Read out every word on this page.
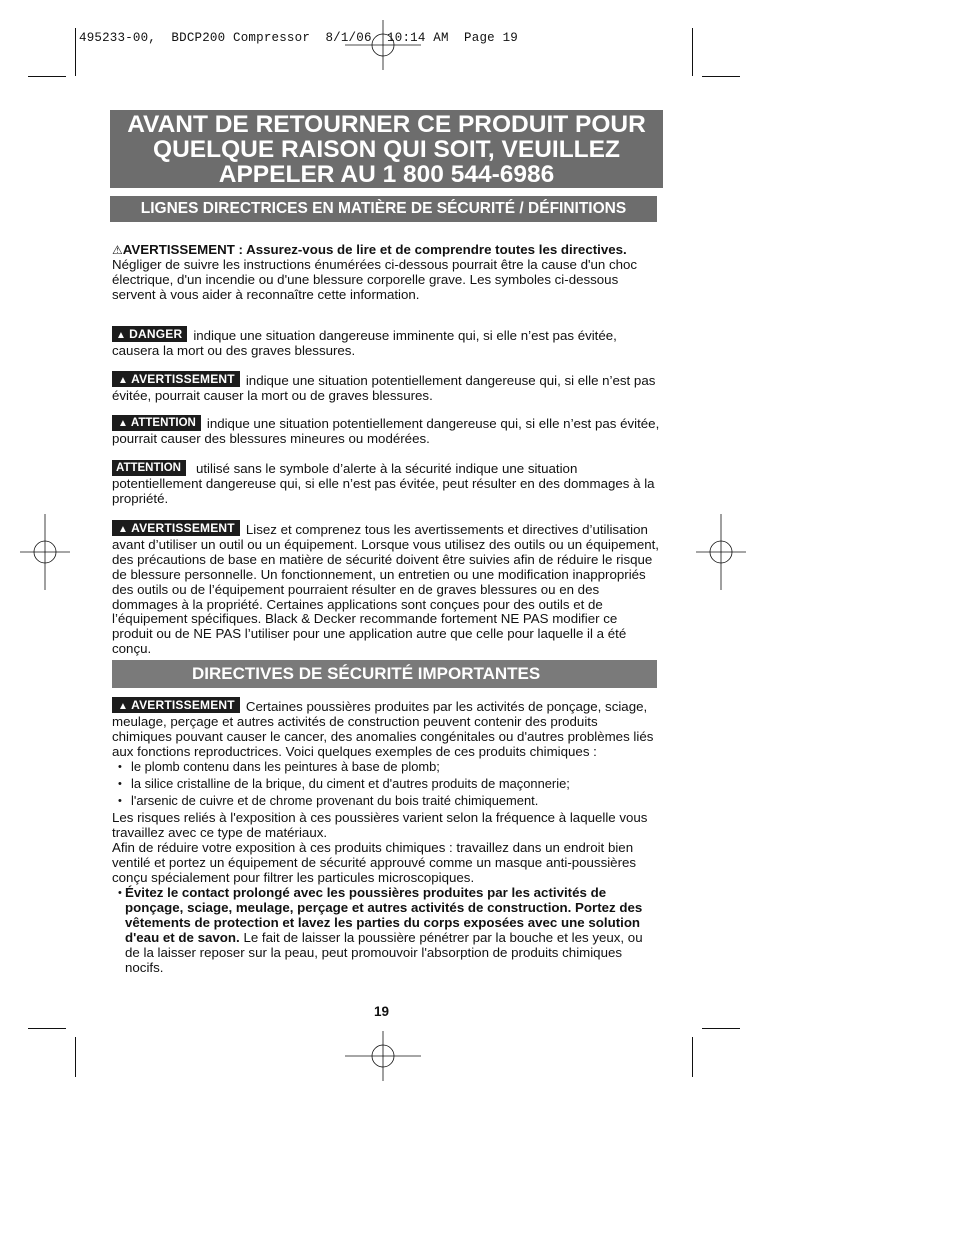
495233-00,  BDCP200 Compressor  8/1/06  10:14 AM  Page 19
AVANT DE RETOURNER CE PRODUIT POUR
QUELQUE RAISON QUI SOIT, VEUILLEZ
APPELER AU 1 800 544-6986
LIGNES DIRECTRICES EN MATIÈRE DE SÉCURITÉ / DÉFINITIONS
⚠AVERTISSEMENT : Assurez-vous de lire et de comprendre toutes les directives. Négliger de suivre les instructions énumérées ci-dessous pourrait être la cause d'un choc électrique, d'un incendie ou d'une blessure corporelle grave. Les symboles ci-dessous servent à vous aider à reconnaître cette information.
▲ DANGER indique une situation dangereuse imminente qui, si elle n’est pas évitée, causera la mort ou des graves blessures.
▲ AVERTISSEMENT indique une situation potentiellement dangereuse qui, si elle n’est pas évitée, pourrait causer la mort ou de graves blessures.
▲ ATTENTION indique une situation potentiellement dangereuse qui, si elle n’est pas évitée, pourrait causer des blessures mineures ou modérées.
ATTENTION utilisé sans le symbole d’alerte à la sécurité indique une situation potentiellement dangereuse qui, si elle n’est pas évitée, peut résulter en des dommages à la propriété.
▲ AVERTISSEMENT Lisez et comprenez tous les avertissements et directives d’utilisation avant d’utiliser un outil ou un équipement. Lorsque vous utilisez des outils ou un équipement, des précautions de base en matière de sécurité doivent être suivies afin de réduire le risque de blessure personnelle. Un fonctionnement, un entretien ou une modification inappropriés des outils ou de l’équipement pourraient résulter en de graves blessures ou en des dommages à la propriété. Certaines applications sont conçues pour des outils et de l’équipement spécifiques. Black & Decker recommande fortement NE PAS modifier ce produit ou de NE PAS l’utiliser pour une application autre que celle pour laquelle il a été conçu.
DIRECTIVES DE SÉCURITÉ IMPORTANTES
▲ AVERTISSEMENT Certaines poussières produites par les activités de ponçage, sciage, meulage, perçage et autres activités de construction peuvent contenir des produits chimiques pouvant causer le cancer, des anomalies congénitales ou d'autres problèmes liés aux fonctions reproductrices. Voici quelques exemples de ces produits chimiques :
• le plomb contenu dans les peintures à base de plomb;
• la silice cristalline de la brique, du ciment et d'autres produits de maçonnerie;
• l'arsenic de cuivre et de chrome provenant du bois traité chimiquement.
Les risques reliés à l'exposition à ces poussières varient selon la fréquence à laquelle vous travaillez avec ce type de matériaux.
Afin de réduire votre exposition à ces produits chimiques : travaillez dans un endroit bien ventilé et portez un équipement de sécurité approuvé comme un masque anti-poussières conçu spécialement pour filtrer les particules microscopiques.
• Évitez le contact prolongé avec les poussières produites par les activités de ponçage, sciage, meulage, perçage et autres activités de construction. Portez des vêtements de protection et lavez les parties du corps exposées avec une solution d'eau et de savon. Le fait de laisser la poussière pénétrer par la bouche et les yeux, ou de la laisser reposer sur la peau, peut promouvoir l'absorption de produits chimiques nocifs.
19
